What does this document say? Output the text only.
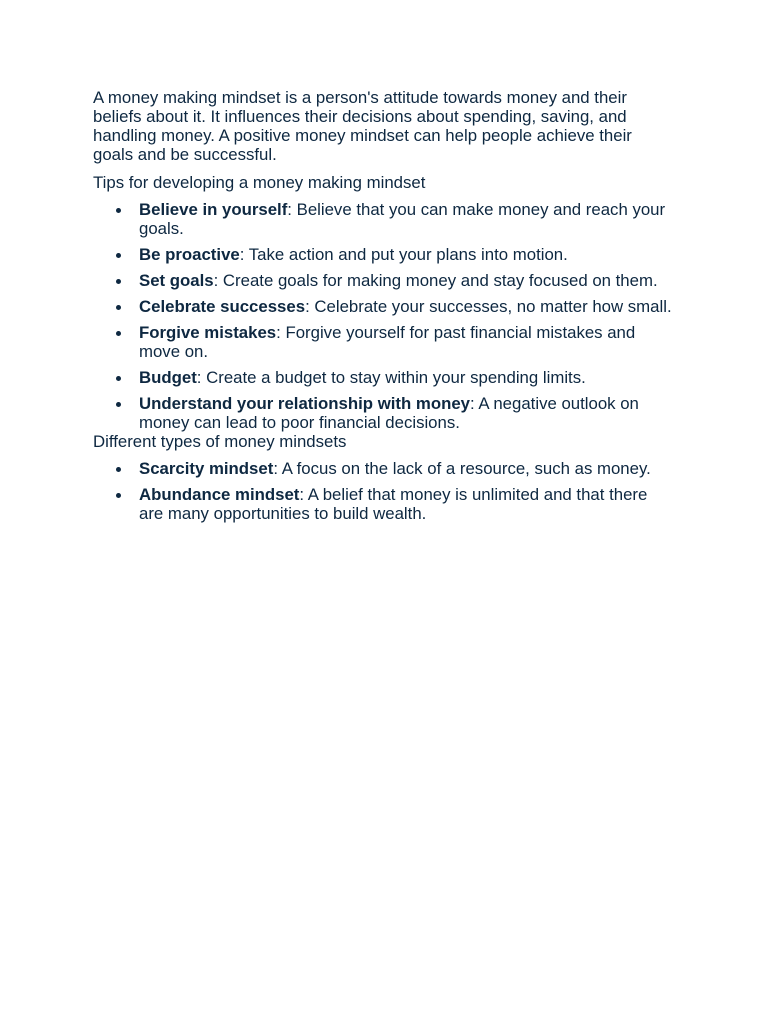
A money making mindset is a person's attitude towards money and their beliefs about it. It influences their decisions about spending, saving, and handling money. A positive money mindset can help people achieve their goals and be successful.

Tips for developing a money making mindset

Believe in yourself: Believe that you can make money and reach your goals.
Be proactive: Take action and put your plans into motion.
Set goals: Create goals for making money and stay focused on them.
Celebrate successes: Celebrate your successes, no matter how small.
Forgive mistakes: Forgive yourself for past financial mistakes and move on.
Budget: Create a budget to stay within your spending limits.
Understand your relationship with money: A negative outlook on money can lead to poor financial decisions.

Different types of money mindsets

Scarcity mindset: A focus on the lack of a resource, such as money.
Abundance mindset: A belief that money is unlimited and that there are many opportunities to build wealth.
